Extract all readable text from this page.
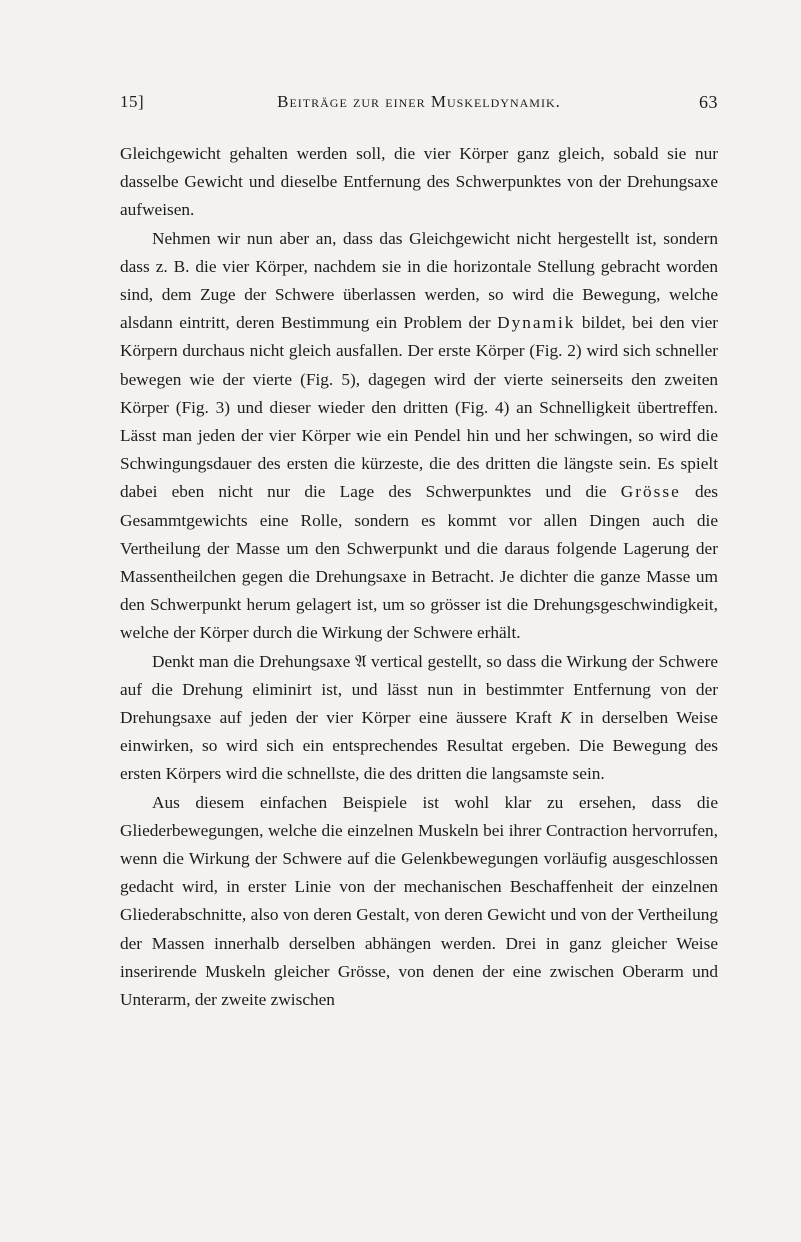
15]	Beiträge zur einer Muskeldynamik.	63

Gleichgewicht gehalten werden soll, die vier Körper ganz gleich, sobald sie nur dasselbe Gewicht und dieselbe Entfernung des Schwerpunktes von der Drehungsaxe aufweisen.

Nehmen wir nun aber an, dass das Gleichgewicht nicht hergestellt ist, sondern dass z. B. die vier Körper, nachdem sie in die horizontale Stellung gebracht worden sind, dem Zuge der Schwere überlassen werden, so wird die Bewegung, welche alsdann eintritt, deren Bestimmung ein Problem der Dynamik bildet, bei den vier Körpern durchaus nicht gleich ausfallen. Der erste Körper (Fig. 2) wird sich schneller bewegen wie der vierte (Fig. 5), dagegen wird der vierte seinerseits den zweiten Körper (Fig. 3) und dieser wieder den dritten (Fig. 4) an Schnelligkeit übertreffen. Lässt man jeden der vier Körper wie ein Pendel hin und her schwingen, so wird die Schwingungsdauer des ersten die kürzeste, die des dritten die längste sein. Es spielt dabei eben nicht nur die Lage des Schwerpunktes und die Grösse des Gesammtgewichts eine Rolle, sondern es kommt vor allen Dingen auch die Vertheilung der Masse um den Schwerpunkt und die daraus folgende Lagerung der Massentheilchen gegen die Drehungsaxe in Betracht. Je dichter die ganze Masse um den Schwerpunkt herum gelagert ist, um so grösser ist die Drehungsgeschwindigkeit, welche der Körper durch die Wirkung der Schwere erhält.

Denkt man die Drehungsaxe 𝔄 vertical gestellt, so dass die Wirkung der Schwere auf die Drehung eliminirt ist, und lässt nun in bestimmter Entfernung von der Drehungsaxe auf jeden der vier Körper eine äussere Kraft K in derselben Weise einwirken, so wird sich ein entsprechendes Resultat ergeben. Die Bewegung des ersten Körpers wird die schnellste, die des dritten die langsamste sein.

Aus diesem einfachen Beispiele ist wohl klar zu ersehen, dass die Gliederbewegungen, welche die einzelnen Muskeln bei ihrer Contraction hervorrufen, wenn die Wirkung der Schwere auf die Gelenkbewegungen vorläufig ausgeschlossen gedacht wird, in erster Linie von der mechanischen Beschaffenheit der einzelnen Gliederabschnitte, also von deren Gestalt, von deren Gewicht und von der Vertheilung der Massen innerhalb derselben abhängen werden. Drei in ganz gleicher Weise inserirende Muskeln gleicher Grösse, von denen der eine zwischen Oberarm und Unterarm, der zweite zwischen
